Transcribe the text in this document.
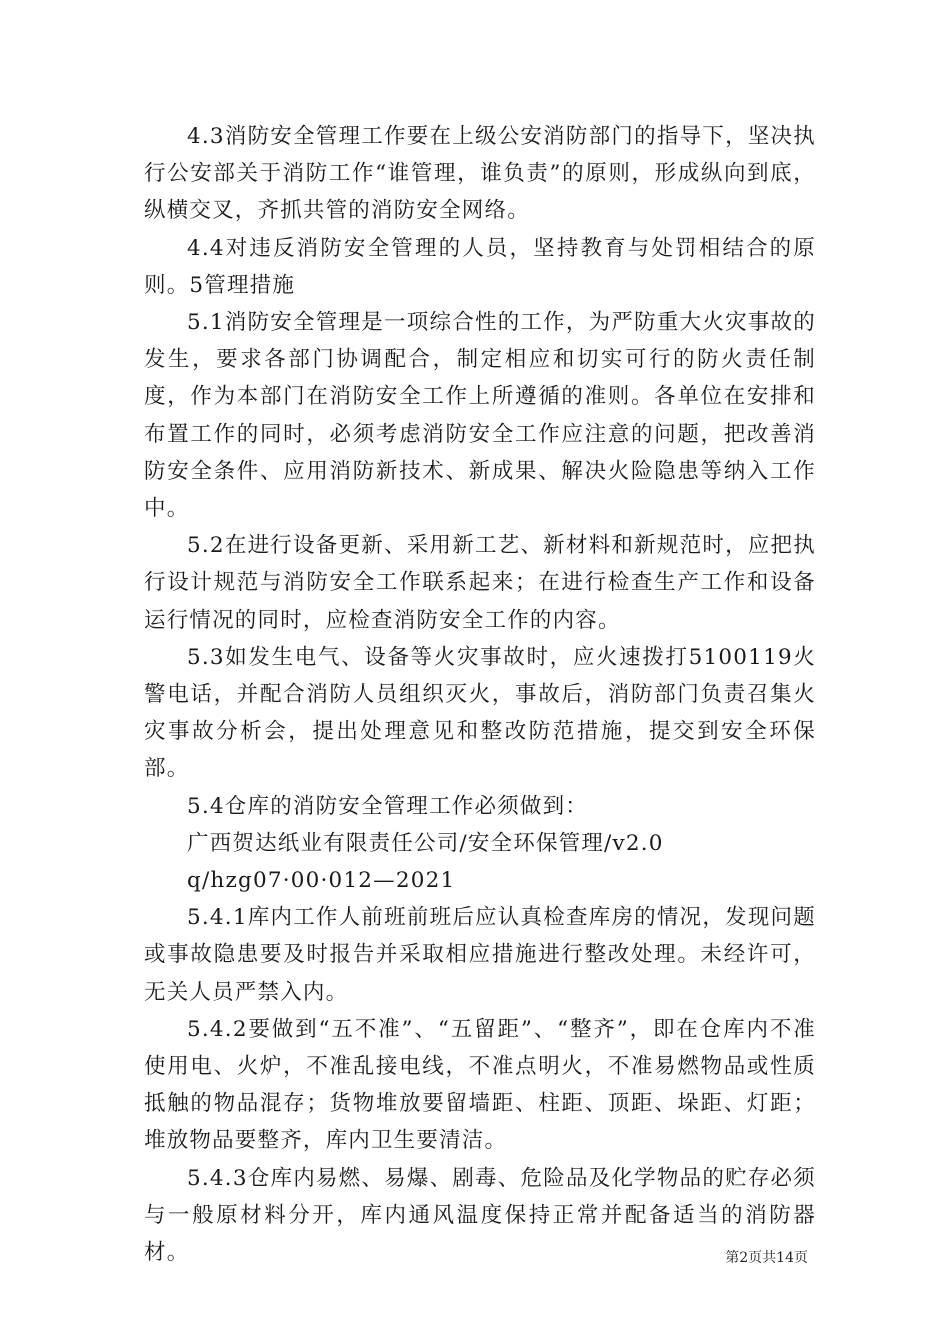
4.3消防安全管理工作要在上级公安消防部门的指导下，坚决执行公安部关于消防工作“谁管理，谁负责”的原则，形成纵向到底，纵横交叉，齐抓共管的消防安全网络。

4.4对违反消防安全管理的人员，坚持教育与处罚相结合的原则。5管理措施

5.1消防安全管理是一项综合性的工作，为严防重大火灾事故的发生，要求各部门协调配合，制定相应和切实可行的防火责任制度，作为本部门在消防安全工作上所遵循的准则。各单位在安排和布置工作的同时，必须考虑消防安全工作应注意的问题，把改善消防安全条件、应用消防新技术、新成果、解决火险隐患等纳入工作中。

5.2在进行设备更新、采用新工艺、新材料和新规范时，应把执行设计规范与消防安全工作联系起来；在进行检查生产工作和设备运行情况的同时，应检查消防安全工作的内容。

5.3如发生电气、设备等火灾事故时，应火速拨打5100119火警电话，并配合消防人员组织灭火，事故后，消防部门负责召集火灾事故分析会，提出处理意见和整改防范措施，提交到安全环保部。

5.4仓库的消防安全管理工作必须做到：

广西贺达纸业有限责任公司/安全环保管理/v2.0

q/hzg07·00·012—2021

5.4.1库内工作人前班前班后应认真检查库房的情况，发现问题或事故隐患要及时报告并采取相应措施进行整改处理。未经许可，无关人员严禁入内。

5.4.2要做到“五不准”、“五留距”、“整齐”，即在仓库内不准使用电、火炉，不准乱接电线，不准点明火，不准易燃物品或性质抵触的物品混存；货物堆放要留墙距、柱距、顶距、垛距、灯距；堆放物品要整齐，库内卫生要清洁。

5.4.3仓库内易燃、易爆、剧毒、危险品及化学物品的贮存必须与一般原材料分开，库内通风温度保持正常并配备适当的消防器材。	第2页共14页
